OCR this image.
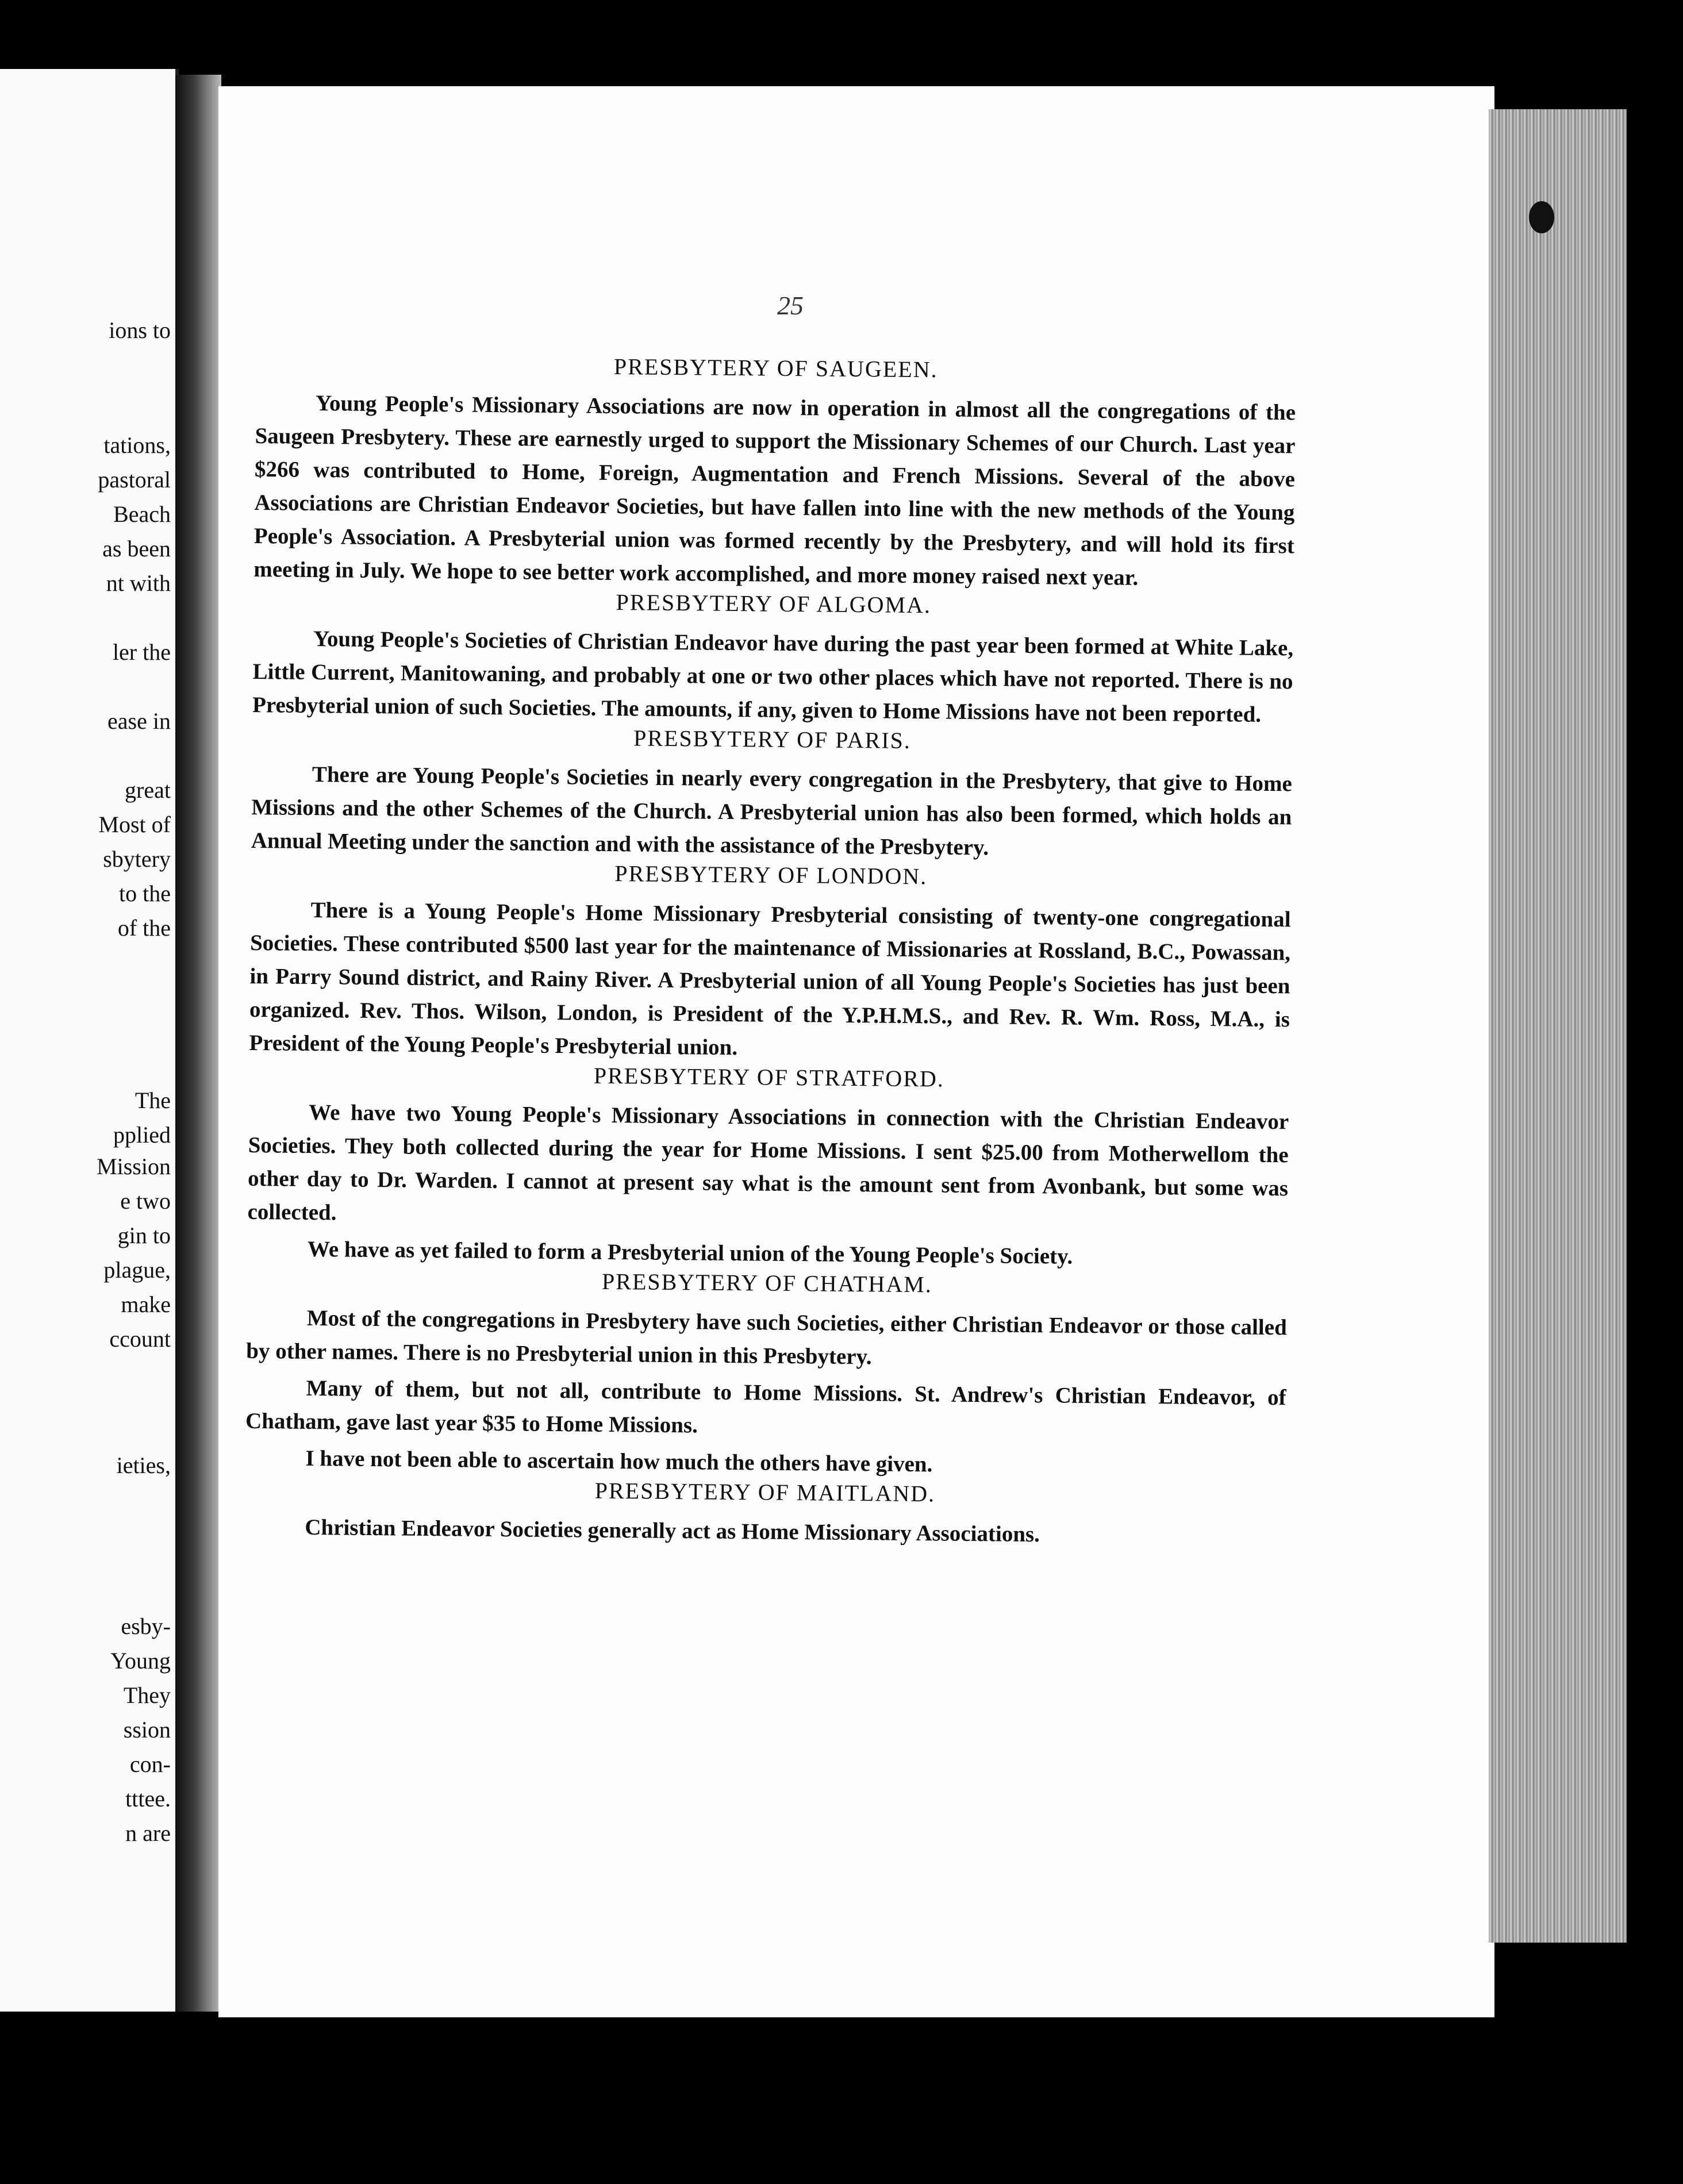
ions to
tations,
pastoral
Beach
as been
nt with
ler the
ease in
great
Most of
sbytery
to the
of the
The
pplied
Mission
e two
gin to
plague,
make
ccount
ieties,
esby-
Young
They
ssion
con-
tttee.
n are
25
PRESBYTERY OF SAUGEEN.

Young People's Missionary Associations are now in operation in almost all the congregations of the Saugeen Presbytery. These are earnestly urged to support the Missionary Schemes of our Church. Last year $266 was contributed to Home, Foreign, Augmentation and French Missions. Several of the above Associations are Christian Endeavor Societies, but have fallen into line with the new methods of the Young People's Association. A Presbyterial union was formed recently by the Presbytery, and will hold its first meeting in July. We hope to see better work accomplished, and more money raised next year.

PRESBYTERY OF ALGOMA.

Young People's Societies of Christian Endeavor have during the past year been formed at White Lake, Little Current, Manitowaning, and probably at one or two other places which have not reported. There is no Presbyterial union of such Societies. The amounts, if any, given to Home Missions have not been reported.

PRESBYTERY OF PARIS.

There are Young People's Societies in nearly every congregation in the Presbytery, that give to Home Missions and the other Schemes of the Church. A Presbyterial union has also been formed, which holds an Annual Meeting under the sanction and with the assistance of the Presbytery.

PRESBYTERY OF LONDON.

There is a Young People's Home Missionary Presbyterial consisting of twenty-one congregational Societies. These contributed $500 last year for the maintenance of Missionaries at Rossland, B.C., Powassan, in Parry Sound district, and Rainy River. A Presbyterial union of all Young People's Societies has just been organized. Rev. Thos. Wilson, London, is President of the Y.P.H.M.S., and Rev. R. Wm. Ross, M.A., is President of the Young People's Presbyterial union.

PRESBYTERY OF STRATFORD.

We have two Young People's Missionary Associations in connection with the Christian Endeavor Societies. They both collected during the year for Home Missions. I sent $25.00 from Motherwellom the other day to Dr. Warden. I cannot at present say what is the amount sent from Avonbank, but some was collected.

We have as yet failed to form a Presbyterial union of the Young People's Society.

PRESBYTERY OF CHATHAM.

Most of the congregations in Presbytery have such Societies, either Christian Endeavor or those called by other names. There is no Presbyterial union in this Presbytery.

Many of them, but not all, contribute to Home Missions. St. Andrew's Christian Endeavor, of Chatham, gave last year $35 to Home Missions.

I have not been able to ascertain how much the others have given.

PRESBYTERY OF MAITLAND.

Christian Endeavor Societies generally act as Home Missionary Associations.
